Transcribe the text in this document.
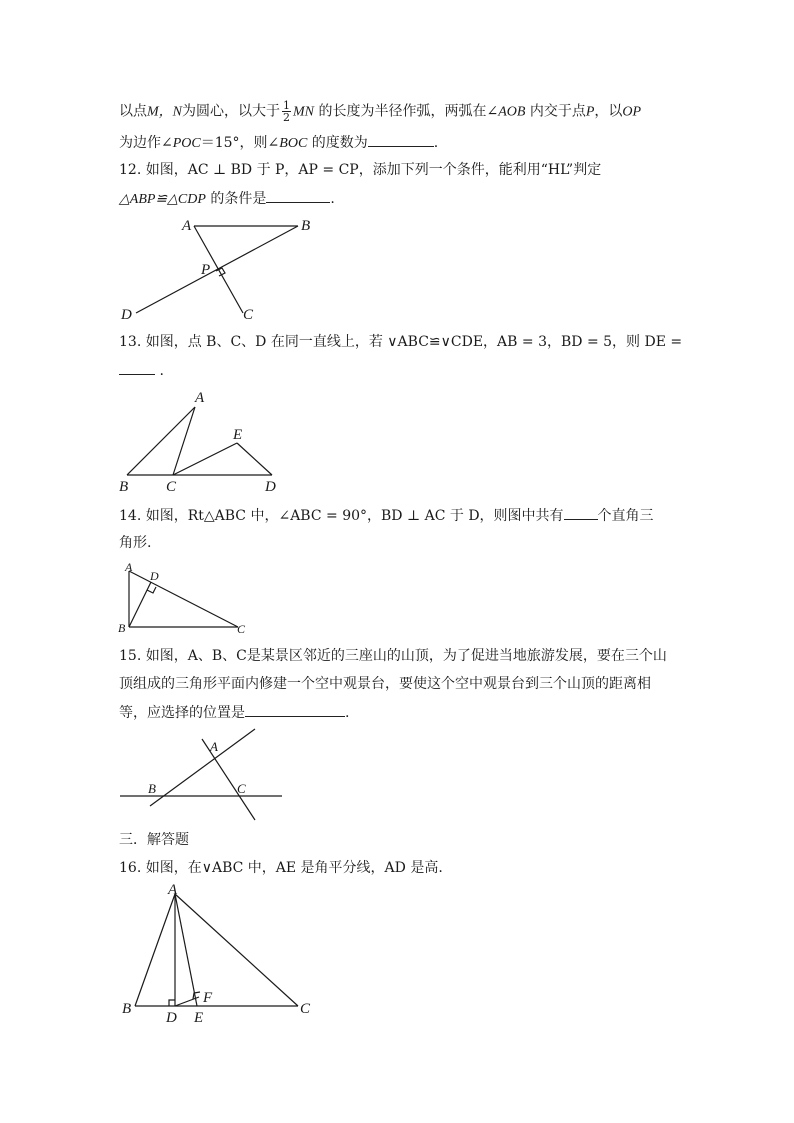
以点M，N为圆心，以大于 $\frac{1}{2}$ MN 的长度为半径作弧，两弧在∠AOB 内交于点P，以OP
为边作∠POC＝15°，则∠BOC 的度数为	.
12. 如图，AC ⊥ BD 于 P，AP = CP，添加下列一个条件，能利用“HL”判定
△ABP≌△CDP 的条件是	.
A	B
P
D	C
13. 如图，点 B、C、D 在同一直线上，若 ∨ABC≌∨CDE，AB = 3，BD = 5，则 DE =
.
A
E
B	C	D
14. 如图，Rt△ABC 中，∠ABC = 90°，BD ⊥ AC 于 D，则图中共有 个直角三
角形.
A
D
B	C
15. 如图，A、B、C是某景区邻近的三座山的山顶，为了促进当地旅游发展，要在三个山
顶组成的三角形平面内修建一个空中观景台，要使这个空中观景台到三个山顶的距离相
等，应选择的位置是	.
A
B	C
三．解答题
16. 如图，在∨ABC 中，AE 是角平分线，AD 是高.
A
B
D E
F
C
